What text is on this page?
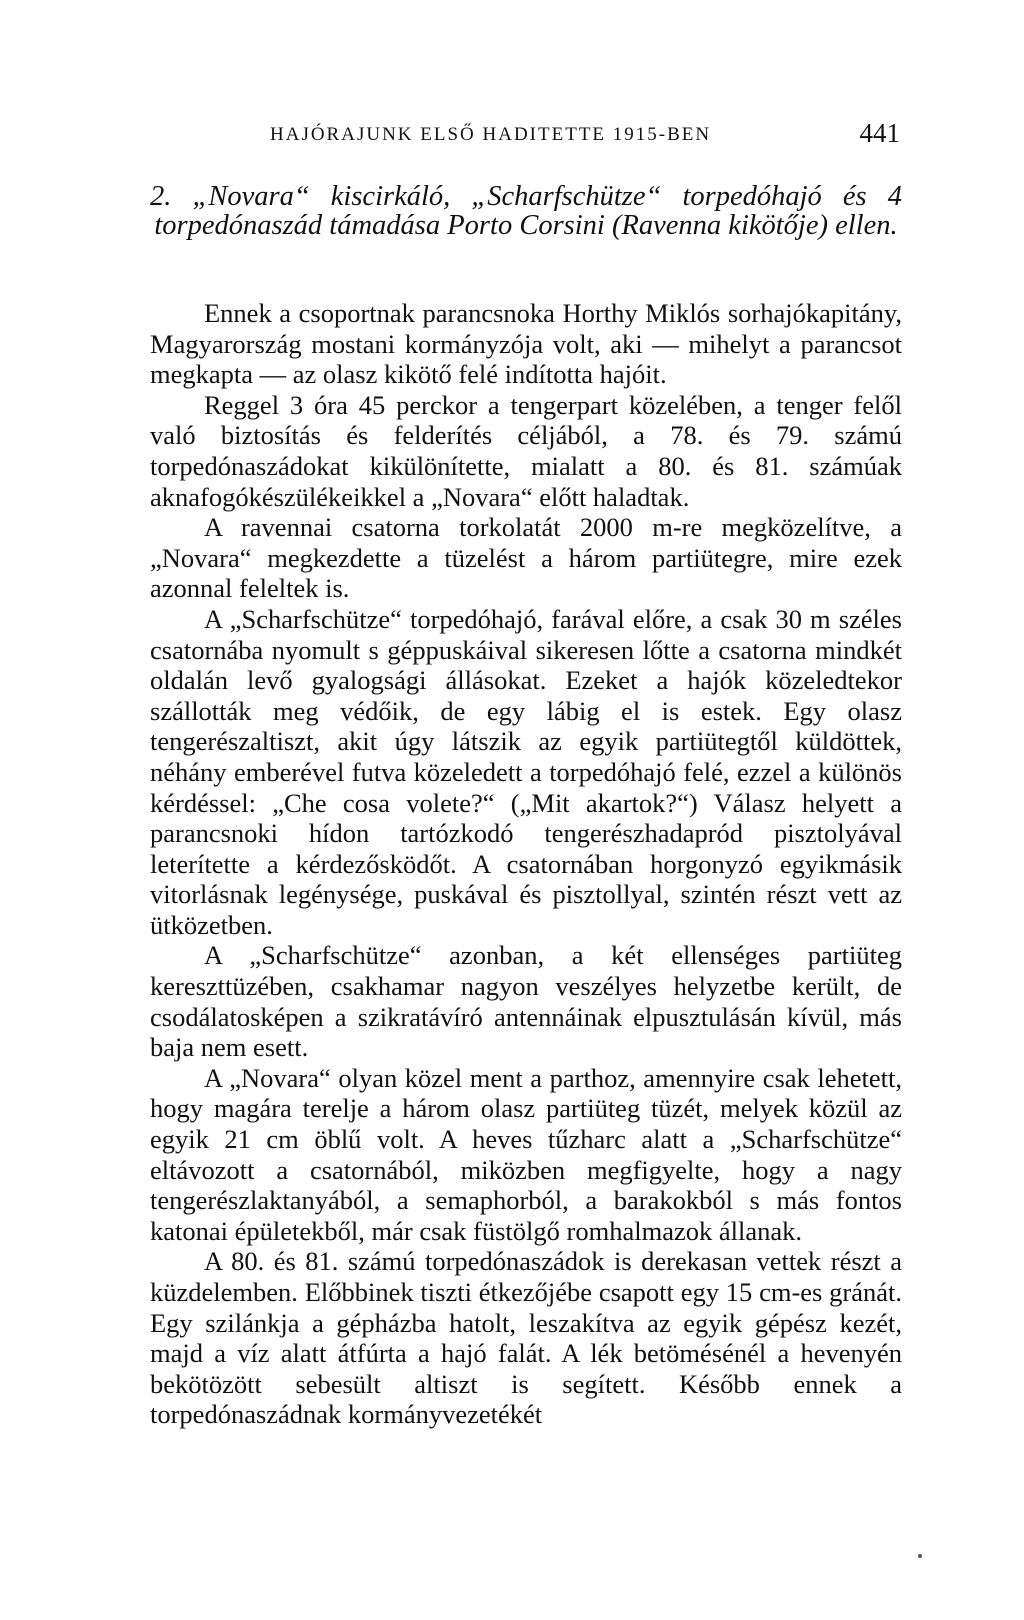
HAJÓRAJUNK ELSŐ HADITETTE 1915-BEN	441
2. „Novara“ kiscirkáló, „Scharfschütze“ torpedóhajó és 4 torpedónaszád támadása Porto Corsini (Ravenna kikötője) ellen.

Ennek a csoportnak parancsnoka Horthy Miklós sorhajókapitány, Magyarország mostani kormányzója volt, aki — mihelyt a parancsot megkapta — az olasz kikötő felé indította hajóit.

Reggel 3 óra 45 perckor a tengerpart közelében, a tenger felől való biztosítás és felderítés céljából, a 78. és 79. számú torpedónaszádokat kikülönítette, mialatt a 80. és 81. számúak aknafogókészülékeikkel a „Novara“ előtt haladtak.

A ravennai csatorna torkolatát 2000 m-re megközelítve, a „Novara“ megkezdette a tüzelést a három partiütegre, mire ezek azonnal feleltek is.

A „Scharfschütze“ torpedóhajó, farával előre, a csak 30 m széles csatornába nyomult s géppuskáival sikeresen lőtte a csatorna mindkét oldalán levő gyalogsági állásokat. Ezeket a hajók közeledtekor szállották meg védőik, de egy lábig el is estek. Egy olasz tengerészaltiszt, akit úgy látszik az egyik partiütegtől küldöttek, néhány emberével futva közeledett a torpedóhajó felé, ezzel a különös kérdéssel: „Che cosa volete?“ („Mit akartok?“) Válasz helyett a parancsnoki hídon tartózkodó tengerészhadapród pisztolyával leterítette a kérdezősködőt. A csatornában horgonyzó egyikmásik vitorlásnak legénysége, puskával és pisztollyal, szintén részt vett az ütközetben.

A „Scharfschütze“ azonban, a két ellenséges partiüteg kereszttüzében, csakhamar nagyon veszélyes helyzetbe került, de csodálatosképen a szikratávíró antennáinak elpusztulásán kívül, más baja nem esett.

A „Novara“ olyan közel ment a parthoz, amennyire csak lehetett, hogy magára terelje a három olasz partiüteg tüzét, melyek közül az egyik 21 cm öblű volt. A heves tűzharc alatt a „Scharfschütze“ eltávozott a csatornából, miközben megfigyelte, hogy a nagy tengerészlaktanyából, a semaphorból, a barakokból s más fontos katonai épületekből, már csak füstölgő romhalmazok állanak.

A 80. és 81. számú torpedónaszádok is derekasan vettek részt a küzdelemben. Előbbinek tiszti étkezőjébe csapott egy 15 cm-es gránát. Egy szilánkja a gépházba hatolt, leszakítva az egyik gépész kezét, majd a víz alatt átfúrta a hajó falát. A lék betömésénél a hevenyén bekötözött sebesült altiszt is segített. Később ennek a torpedónaszádnak kormányvezetékét
